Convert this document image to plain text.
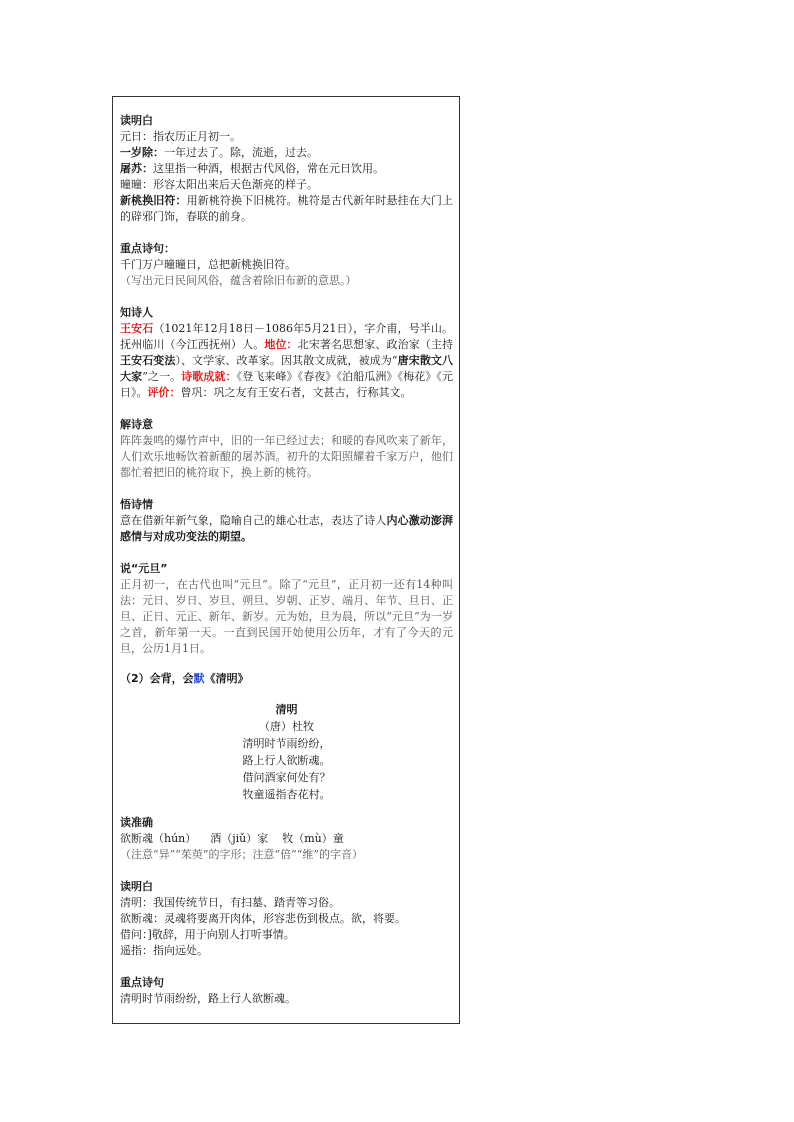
读明白

元日：指农历正月初一。

一岁除：一年过去了。除，流逝，过去。

屠苏：这里指一种酒，根据古代风俗，常在元日饮用。

曈曈：形容太阳出来后天色渐亮的样子。

新桃换旧符：用新桃符换下旧桃符。桃符是古代新年时悬挂在大门上的辟邪门饰，春联的前身。

重点诗句：

千门万户曈曈日，总把新桃换旧符。

（写出元日民间风俗，蕴含着除旧布新的意思。）

知诗人

王安石（1021年12月18日－1086年5月21日），字介甫，号半山。抚州临川（今江西抚州）人。地位：北宋著名思想家、政治家（主持王安石变法）、文学家、改革家。因其散文成就，被成为“唐宋散文八大家”之一。诗歌成就：《登飞来峰》《春夜》《泊船瓜洲》《梅花》《元日》。评价：曾巩：巩之友有王安石者，文甚古，行称其文。

解诗意

阵阵轰鸣的爆竹声中，旧的一年已经过去；和暖的春风吹来了新年，人们欢乐地畅饮着新酿的屠苏酒。初升的太阳照耀着千家万户，他们都忙着把旧的桃符取下，换上新的桃符。

悟诗情

意在借新年新气象，隐喻自己的雄心壮志，表达了诗人内心激动澎湃感情与对成功变法的期望。

说“元旦”

正月初一，在古代也叫“元旦”。除了“元旦”，正月初一还有14种叫法：元日、岁日、岁旦、朔旦、岁朝、正岁、端月、年节、旦日、正旦、正日、元正、新年、新岁。元为始，旦为晨，所以“元旦”为一岁之首，新年第一天。一直到民国开始使用公历年，才有了今天的元旦，公历1月1日。

（2）会背，会默《清明》

清明
（唐）杜牧
清明时节雨纷纷，
路上行人欲断魂。
借问酒家何处有？
牧童遥指杏花村。

读准确

欲断魂（hún）    酒（jiǔ）家    牧（mù）童

（注意“异”“茱萸”的字形；注意“倍”“维”的字音）

读明白

清明：我国传统节日，有扫墓、踏青等习俗。

欲断魂：灵魂将要离开肉体，形容悲伤到极点。欲，将要。

借问：]敬辞，用于向别人打听事情。

遥指：指向远处。

重点诗句

清明时节雨纷纷，路上行人欲断魂。
